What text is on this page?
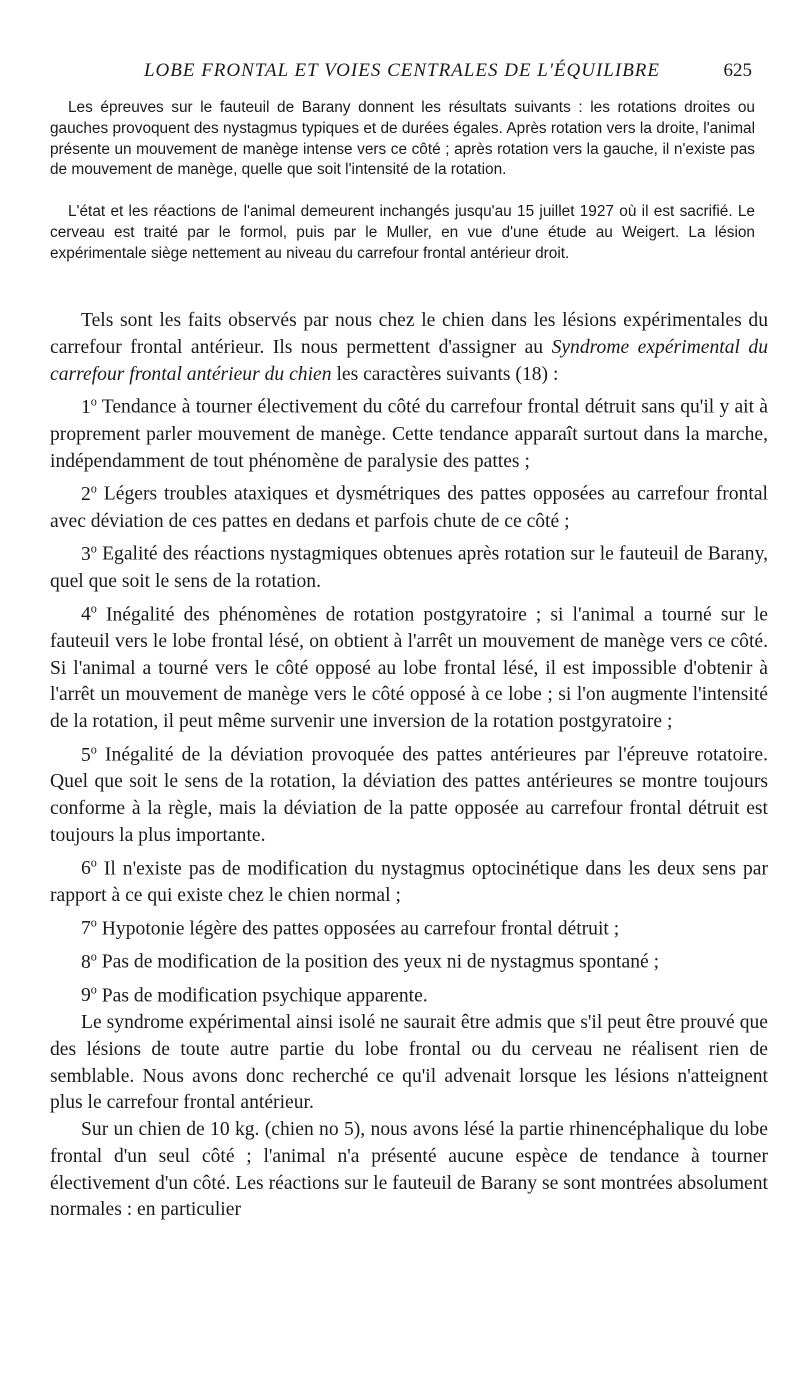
LOBE FRONTAL ET VOIES CENTRALES DE L'ÉQUILIBRE	625

Les épreuves sur le fauteuil de Barany donnent les résultats suivants : les rotations droites ou gauches provoquent des nystagmus typiques et de durées égales. Après rotation vers la droite, l'animal présente un mouvement de manège intense vers ce côté ; après rotation vers la gauche, il n'existe pas de mouvement de manège, quelle que soit l'intensité de la rotation.

L'état et les réactions de l'animal demeurent inchangés jusqu'au 15 juillet 1927 où il est sacrifié. Le cerveau est traité par le formol, puis par le Muller, en vue d'une étude au Weigert. La lésion expérimentale siège nettement au niveau du carrefour frontal antérieur droit.

Tels sont les faits observés par nous chez le chien dans les lésions expérimentales du carrefour frontal antérieur. Ils nous permettent d'assigner au Syndrome expérimental du carrefour frontal antérieur du chien les caractères suivants (18) :

1$^o$ Tendance à tourner électivement du côté du carrefour frontal détruit sans qu'il y ait à proprement parler mouvement de manège. Cette tendance apparaît surtout dans la marche, indépendamment de tout phénomène de paralysie des pattes ;

2$^o$ Légers troubles ataxiques et dysmétriques des pattes opposées au carrefour frontal avec déviation de ces pattes en dedans et parfois chute de ce côté ;

3$^o$ Egalité des réactions nystagmiques obtenues après rotation sur le fauteuil de Barany, quel que soit le sens de la rotation.

4$^o$ Inégalité des phénomènes de rotation postgyratoire ; si l'animal a tourné sur le fauteuil vers le lobe frontal lésé, on obtient à l'arrêt un mouvement de manège vers ce côté. Si l'animal a tourné vers le côté opposé au lobe frontal lésé, il est impossible d'obtenir à l'arrêt un mouvement de manège vers le côté opposé à ce lobe ; si l'on augmente l'intensité de la rotation, il peut même survenir une inversion de la rotation postgyratoire ;

5$^o$ Inégalité de la déviation provoquée des pattes antérieures par l'épreuve rotatoire. Quel que soit le sens de la rotation, la déviation des pattes antérieures se montre toujours conforme à la règle, mais la déviation de la patte opposée au carrefour frontal détruit est toujours la plus importante.

6$^o$ Il n'existe pas de modification du nystagmus optocinétique dans les deux sens par rapport à ce qui existe chez le chien normal ;

7$^o$ Hypotonie légère des pattes opposées au carrefour frontal détruit ;

8$^o$ Pas de modification de la position des yeux ni de nystagmus spontané ;

9$^o$ Pas de modification psychique apparente.

Le syndrome expérimental ainsi isolé ne saurait être admis que s'il peut être prouvé que des lésions de toute autre partie du lobe frontal ou du cerveau ne réalisent rien de semblable. Nous avons donc recherché ce qu'il advenait lorsque les lésions n'atteignent plus le carrefour frontal antérieur.

Sur un chien de 10 kg. (chien no 5), nous avons lésé la partie rhinencéphalique du lobe frontal d'un seul côté ; l'animal n'a présenté aucune espèce de tendance à tourner électivement d'un côté. Les réactions sur le fauteuil de Barany se sont montrées absolument normales : en particulier
